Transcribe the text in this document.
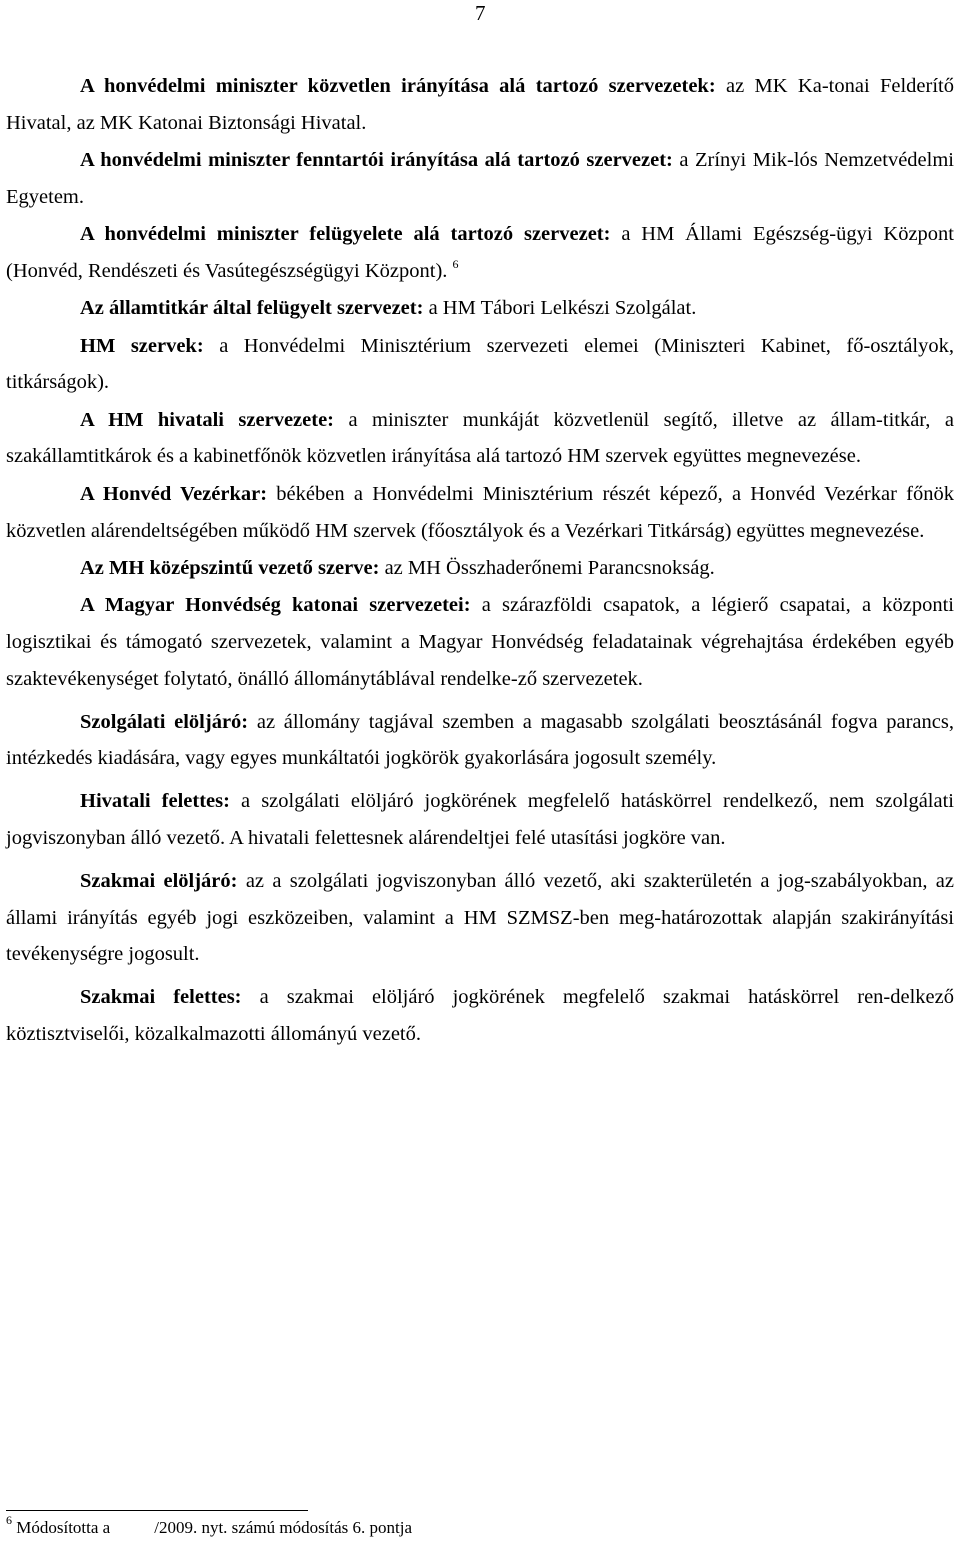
7

A honvédelmi miniszter közvetlen irányítása alá tartozó szervezetek: az MK Ka-tonai Felderítő Hivatal, az MK Katonai Biztonsági Hivatal.

A honvédelmi miniszter fenntartói irányítása alá tartozó szervezet: a Zrínyi Mik-lós Nemzetvédelmi Egyetem.

A honvédelmi miniszter felügyelete alá tartozó szervezet: a HM Állami Egészség-ügyi Központ (Honvéd, Rendészeti és Vasútegészségügyi Központ). $^6$

Az államtitkár által felügyelt szervezet: a HM Tábori Lelkészi Szolgálat.

HM szervek: a Honvédelmi Minisztérium szervezeti elemei (Miniszteri Kabinet, fő-osztályok, titkárságok).

A HM hivatali szervezete: a miniszter munkáját közvetlenül segítő, illetve az állam-titkár, a szakállamtitkárok és a kabinetfőnök közvetlen irányítása alá tartozó HM szervek együttes megnevezése.

A Honvéd Vezérkar: békében a Honvédelmi Minisztérium részét képező, a Honvéd Vezérkar főnök közvetlen alárendeltségében működő HM szervek (főosztályok és a Vezérkari Titkárság) együttes megnevezése.

Az MH középszintű vezető szerve: az MH Összhaderőnemi Parancsnokság.

A Magyar Honvédség katonai szervezetei: a szárazföldi csapatok, a légierő csapatai, a központi logisztikai és támogató szervezetek, valamint a Magyar Honvédség feladatainak végrehajtása érdekében egyéb szaktevékenységet folytató, önálló állománytáblával rendelke-ző szervezetek.

Szolgálati elöljáró: az állomány tagjával szemben a magasabb szolgálati beosztásánál fogva parancs, intézkedés kiadására, vagy egyes munkáltatói jogkörök gyakorlására jogosult személy.

Hivatali felettes: a szolgálati elöljáró jogkörének megfelelő hatáskörrel rendelkező, nem szolgálati jogviszonyban álló vezető. A hivatali felettesnek alárendeltjei felé utasítási jogköre van.

Szakmai elöljáró: az a szolgálati jogviszonyban álló vezető, aki szakterületén a jog-szabályokban, az állami irányítás egyéb jogi eszközeiben, valamint a HM SZMSZ-ben meg-határozottak alapján szakirányítási tevékenységre jogosult.

Szakmai felettes: a szakmai elöljáró jogkörének megfelelő szakmai hatáskörrel ren-delkező köztisztviselői, közalkalmazotti állományú vezető.

$^6$ Módosította a	/2009. nyt. számú módosítás 6. pontja
